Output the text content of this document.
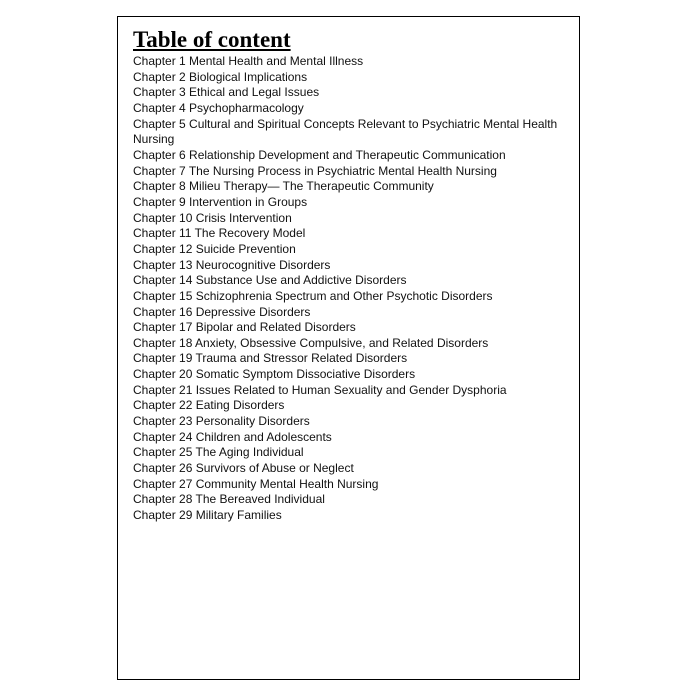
Table of content
Chapter 1 Mental Health and Mental Illness
Chapter 2 Biological Implications
Chapter 3 Ethical and Legal Issues
Chapter 4 Psychopharmacology
Chapter 5 Cultural and Spiritual Concepts Relevant to Psychiatric Mental Health Nursing
Chapter 6 Relationship Development and Therapeutic Communication
Chapter 7 The Nursing Process in Psychiatric Mental Health Nursing
Chapter 8 Milieu Therapy— The Therapeutic Community
Chapter 9 Intervention in Groups
Chapter 10 Crisis Intervention
Chapter 11 The Recovery Model
Chapter 12 Suicide Prevention
Chapter 13 Neurocognitive Disorders
Chapter 14 Substance Use and Addictive Disorders
Chapter 15 Schizophrenia Spectrum and Other Psychotic Disorders
Chapter 16 Depressive Disorders
Chapter 17 Bipolar and Related Disorders
Chapter 18 Anxiety, Obsessive Compulsive, and Related Disorders
Chapter 19 Trauma and Stressor Related Disorders
Chapter 20 Somatic Symptom Dissociative Disorders
Chapter 21 Issues Related to Human Sexuality and Gender Dysphoria
Chapter 22 Eating Disorders
Chapter 23 Personality Disorders
Chapter 24 Children and Adolescents
Chapter 25 The Aging Individual
Chapter 26 Survivors of Abuse or Neglect
Chapter 27 Community Mental Health Nursing
Chapter 28 The Bereaved Individual
Chapter 29 Military Families
